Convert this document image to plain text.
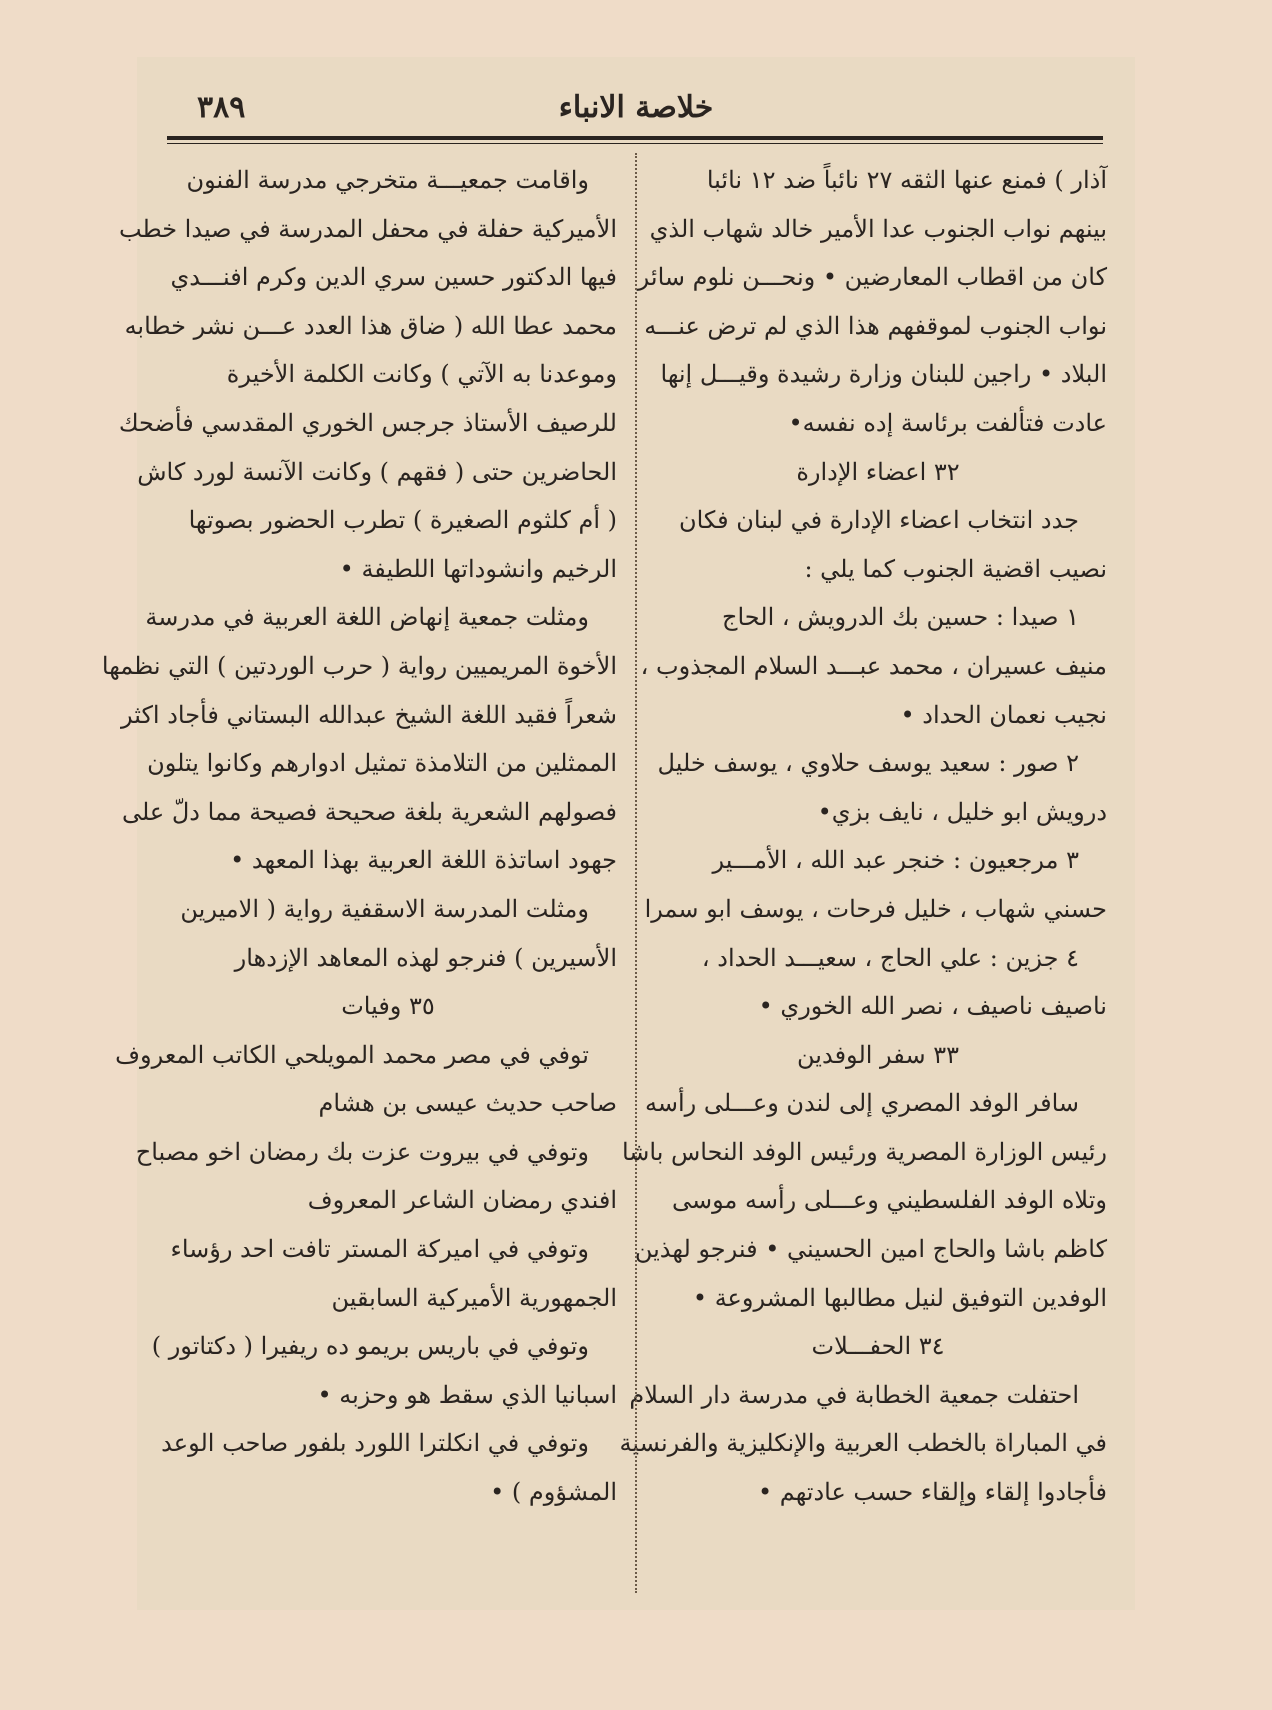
٣٨٩	خلاصة الانباء
آذار ) فمنع عنها الثقه ٢٧ نائباً ضد ١٢ نائبا
بينهم نواب الجنوب عدا الأمير خالد شهاب الذي
كان من اقطاب المعارضين • ونحـــن نلوم سائر
نواب الجنوب لموقفهم هذا الذي لم ترض عنـــه
البلاد • راجين للبنان وزارة رشيدة وقيـــل إنها
عادت فتألفت برئاسة إده نفسه•
٣٢ اعضاء الإدارة
جدد انتخاب اعضاء الإدارة في لبنان فكان
نصيب اقضية الجنوب كما يلي :
١ صيدا : حسين بك الدرويش ، الحاج
منيف عسيران ، محمد عبـــد السلام المجذوب ،
نجيب نعمان الحداد •
٢ صور : سعيد يوسف حلاوي ، يوسف خليل
درويش ابو خليل ، نايف بزي•
٣ مرجعيون : خنجر عبد الله ، الأمـــير
حسني شهاب ، خليل فرحات ، يوسف ابو سمرا
٤ جزين : علي الحاج ، سعيـــد الحداد ،
ناصيف ناصيف ، نصر الله الخوري •
٣٣ سفر الوفدين
سافر الوفد المصري إلى لندن وعـــلى رأسه
رئيس الوزارة المصرية ورئيس الوفد النحاس باشا
وتلاه الوفد الفلسطيني وعـــلى رأسه موسى
كاظم باشا والحاج امين الحسيني • فنرجو لهذين
الوفدين التوفيق لنيل مطالبها المشروعة •
٣٤ الحفـــلات
احتفلت جمعية الخطابة في مدرسة دار السلام
في المباراة بالخطب العربية والإنكليزية والفرنسية
فأجادوا إلقاء وإلقاء حسب عادتهم •
واقامت جمعيـــة متخرجي مدرسة الفنون
الأميركية حفلة في محفل المدرسة في صيدا خطب
فيها الدكتور حسين سري الدين وكرم افنـــدي
محمد عطا الله ( ضاق هذا العدد عـــن نشر خطابه
وموعدنا به الآتي ) وكانت الكلمة الأخيرة
للرصيف الأستاذ جرجس الخوري المقدسي فأضحك
الحاضرين حتى ( فقهم ) وكانت الآنسة لورد كاش
( أم كلثوم الصغيرة ) تطرب الحضور بصوتها
الرخيم وانشوداتها اللطيفة •
ومثلت جمعية إنهاض اللغة العربية في مدرسة
الأخوة المريميين رواية ( حرب الوردتين ) التي نظمها
شعراً فقيد اللغة الشيخ عبدالله البستاني فأجاد اكثر
الممثلين من التلامذة تمثيل ادوارهم وكانوا يتلون
فصولهم الشعرية بلغة صحيحة فصيحة مما دلّ على
جهود اساتذة اللغة العربية بهذا المعهد •
ومثلت المدرسة الاسقفية رواية ( الاميرين
الأسيرين ) فنرجو لهذه المعاهد الإزدهار
٣٥ وفيات
توفي في مصر محمد المويلحي الكاتب المعروف
صاحب حديث عيسى بن هشام
وتوفي في بيروت عزت بك رمضان اخو مصباح
افندي رمضان الشاعر المعروف
وتوفي في اميركة المستر تافت احد رؤساء
الجمهورية الأميركية السابقين
وتوفي في باريس بريمو ده ريفيرا ( دكتاتور )
اسبانيا الذي سقط هو وحزبه •
وتوفي في انكلترا اللورد بلفور صاحب الوعد
المشؤوم ) •
